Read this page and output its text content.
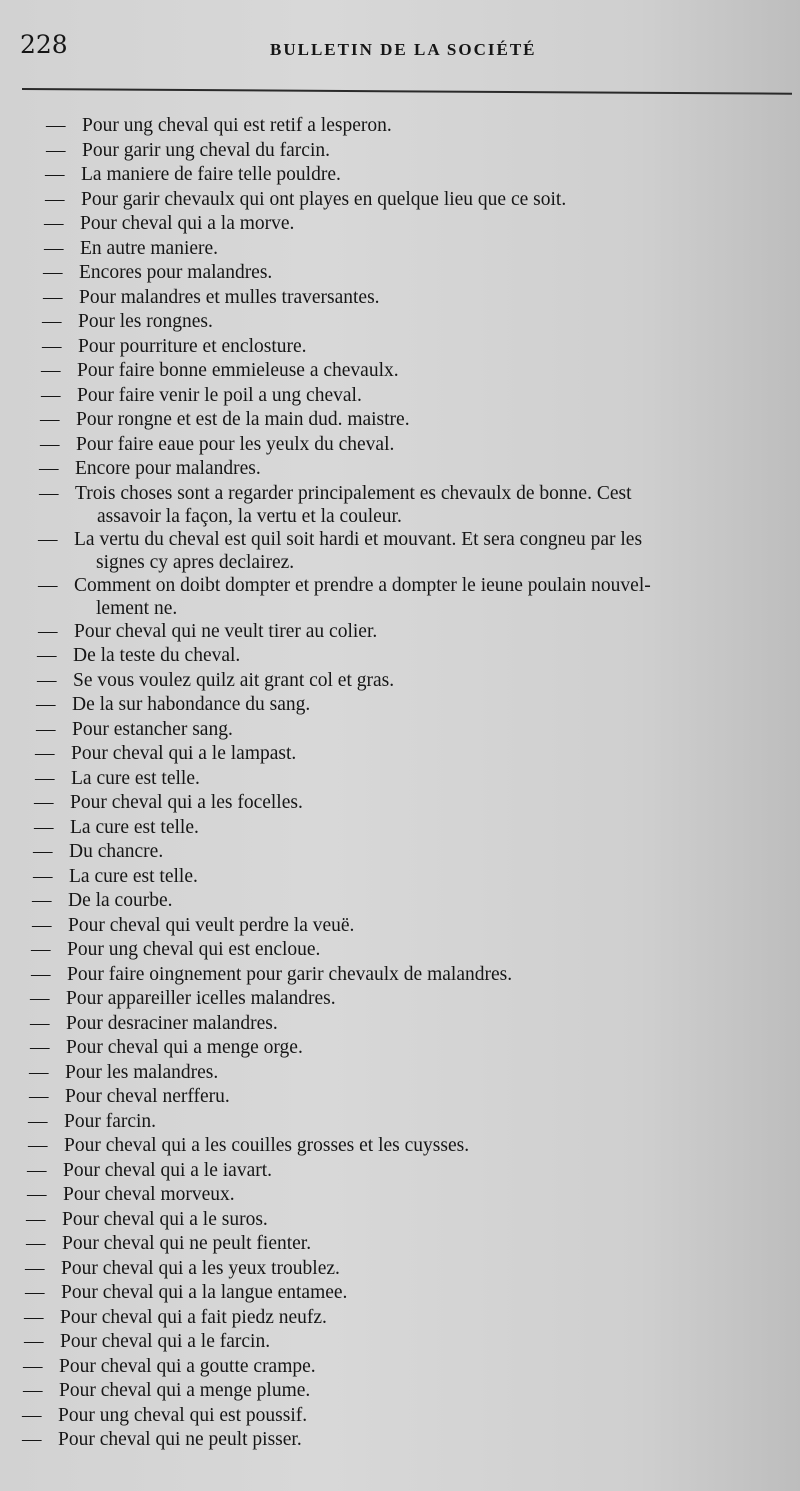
228	BULLETIN DE LA SOCIÉTÉ
— Pour ung cheval qui est retif a lesperon.
— Pour garir ung cheval du farcin.
— La maniere de faire telle pouldre.
— Pour garir chevaulx qui ont playes en quelque lieu que ce soit.
— Pour cheval qui a la morve.
— En autre maniere.
— Encores pour malandres.
— Pour malandres et mulles traversantes.
— Pour les rongnes.
— Pour pourriture et enclosture.
— Pour faire bonne emmieleuse a chevaulx.
— Pour faire venir le poil a ung cheval.
— Pour rongne et est de la main dud. maistre.
— Pour faire eaue pour les yeulx du cheval.
— Encore pour malandres.
— Trois choses sont a regarder principalement es chevaulx de bonne. Cest
assavoir la façon, la vertu et la couleur.
— La vertu du cheval est quil soit hardi et mouvant. Et sera congneu par les
signes cy apres declairez.
— Comment on doibt dompter et prendre a dompter le ieune poulain nouvel-
lement ne.
— Pour cheval qui ne veult tirer au colier.
— De la teste du cheval.
— Se vous voulez quilz ait grant col et gras.
— De la sur habondance du sang.
— Pour estancher sang.
— Pour cheval qui a le lampast.
— La cure est telle.
— Pour cheval qui a les focelles.
— La cure est telle.
— Du chancre.
— La cure est telle.
— De la courbe.
— Pour cheval qui veult perdre la veuë.
— Pour ung cheval qui est encloue.
— Pour faire oingnement pour garir chevaulx de malandres.
— Pour appareiller icelles malandres.
— Pour desraciner malandres.
— Pour cheval qui a menge orge.
— Pour les malandres.
— Pour cheval nerfferu.
— Pour farcin.
— Pour cheval qui a les couilles grosses et les cuysses.
— Pour cheval qui a le iavart.
— Pour cheval morveux.
— Pour cheval qui a le suros.
— Pour cheval qui ne peult fienter.
— Pour cheval qui a les yeux troublez.
— Pour cheval qui a la langue entamee.
— Pour cheval qui a fait piedz neufz.
— Pour cheval qui a le farcin.
— Pour cheval qui a goutte crampe.
— Pour cheval qui a menge plume.
— Pour ung cheval qui est poussif.
— Pour cheval qui ne peult pisser.
